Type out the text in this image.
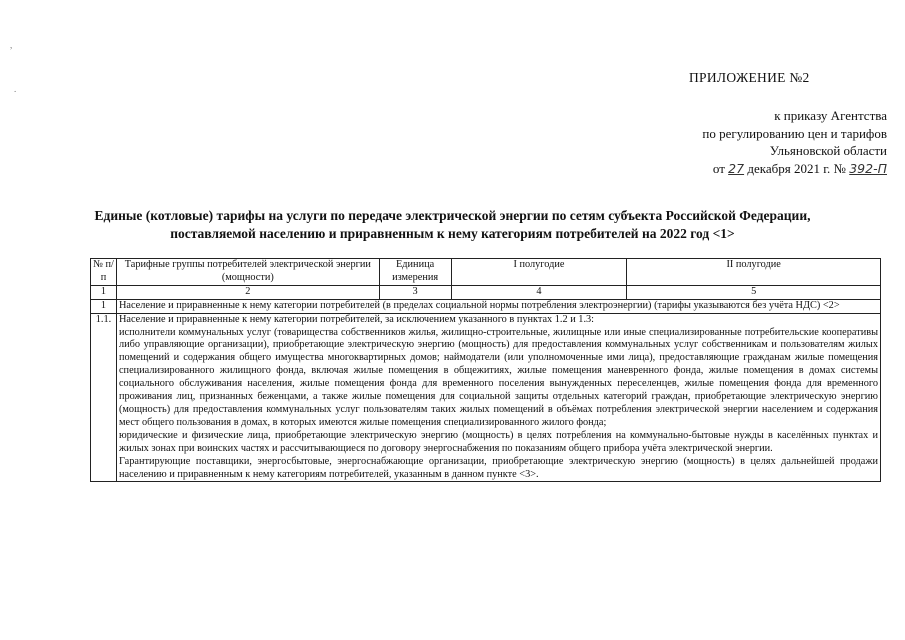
,
.
ПРИЛОЖЕНИЕ №2
к приказу Агентства
по регулированию цен и тарифов
Ульяновской области
от 27 декабря 2021 г. № 392-П
Единые (котловые) тарифы на услуги по передаче электрической энергии по сетям субъекта Российской Федерации,
поставляемой населению и приравненным к нему категориям потребителей на 2022 год <1>
№ п/п	Тарифные группы потребителей электрической энергии (мощности)	Единица измерения	I полугодие	II полугодие
1	2	3	4	5
1	Население и приравненные к нему категории потребителей (в пределах социальной нормы потребления электроэнергии) (тарифы указываются без учёта НДС) <2>			
1.1.	Население и приравненные к нему категории потребителей, за исключением указанного в пунктах 1.2 и 1.3:
исполнители коммунальных услуг (товарищества собственников жилья, жилищно-строительные, жилищные или иные специализированные потребительские кооперативы либо управляющие организации), приобретающие электрическую энергию (мощность) для предоставления коммунальных услуг собственникам и пользователям жилых помещений и содержания общего имущества многоквартирных домов; наймодатели (или уполномоченные ими лица), предоставляющие гражданам жилые помещения специализированного жилищного фонда, включая жилые помещения в общежитиях, жилые помещения маневренного фонда, жилые помещения в домах системы социального обслуживания населения, жилые помещения фонда для временного поселения вынужденных переселенцев, жилые помещения фонда для временного проживания лиц, признанных беженцами, а также жилые помещения для социальной защиты отдельных категорий граждан, приобретающие электрическую энергию (мощность) для предоставления коммунальных услуг пользователям таких жилых помещений в объёмах потребления электрической энергии населением и содержания мест общего пользования в домах, в которых имеются жилые помещения специализированного жилого фонда;
юридические и физические лица, приобретающие электрическую энергию (мощность) в целях потребления на коммунально-бытовые нужды в каселённых пунктах и жилых зонах при воинских частях и рассчитывающиеся по договору энергоснабжения по показаниям общего прибора учёта электрической энергии.
Гарантирующие поставщики, энергосбытовые, энергоснабжающие организации, приобретающие электрическую энергию (мощность) в целях дальнейшей продажи населению и приравненным к нему категориям потребителей, указанным в данном пункте <3>.			
